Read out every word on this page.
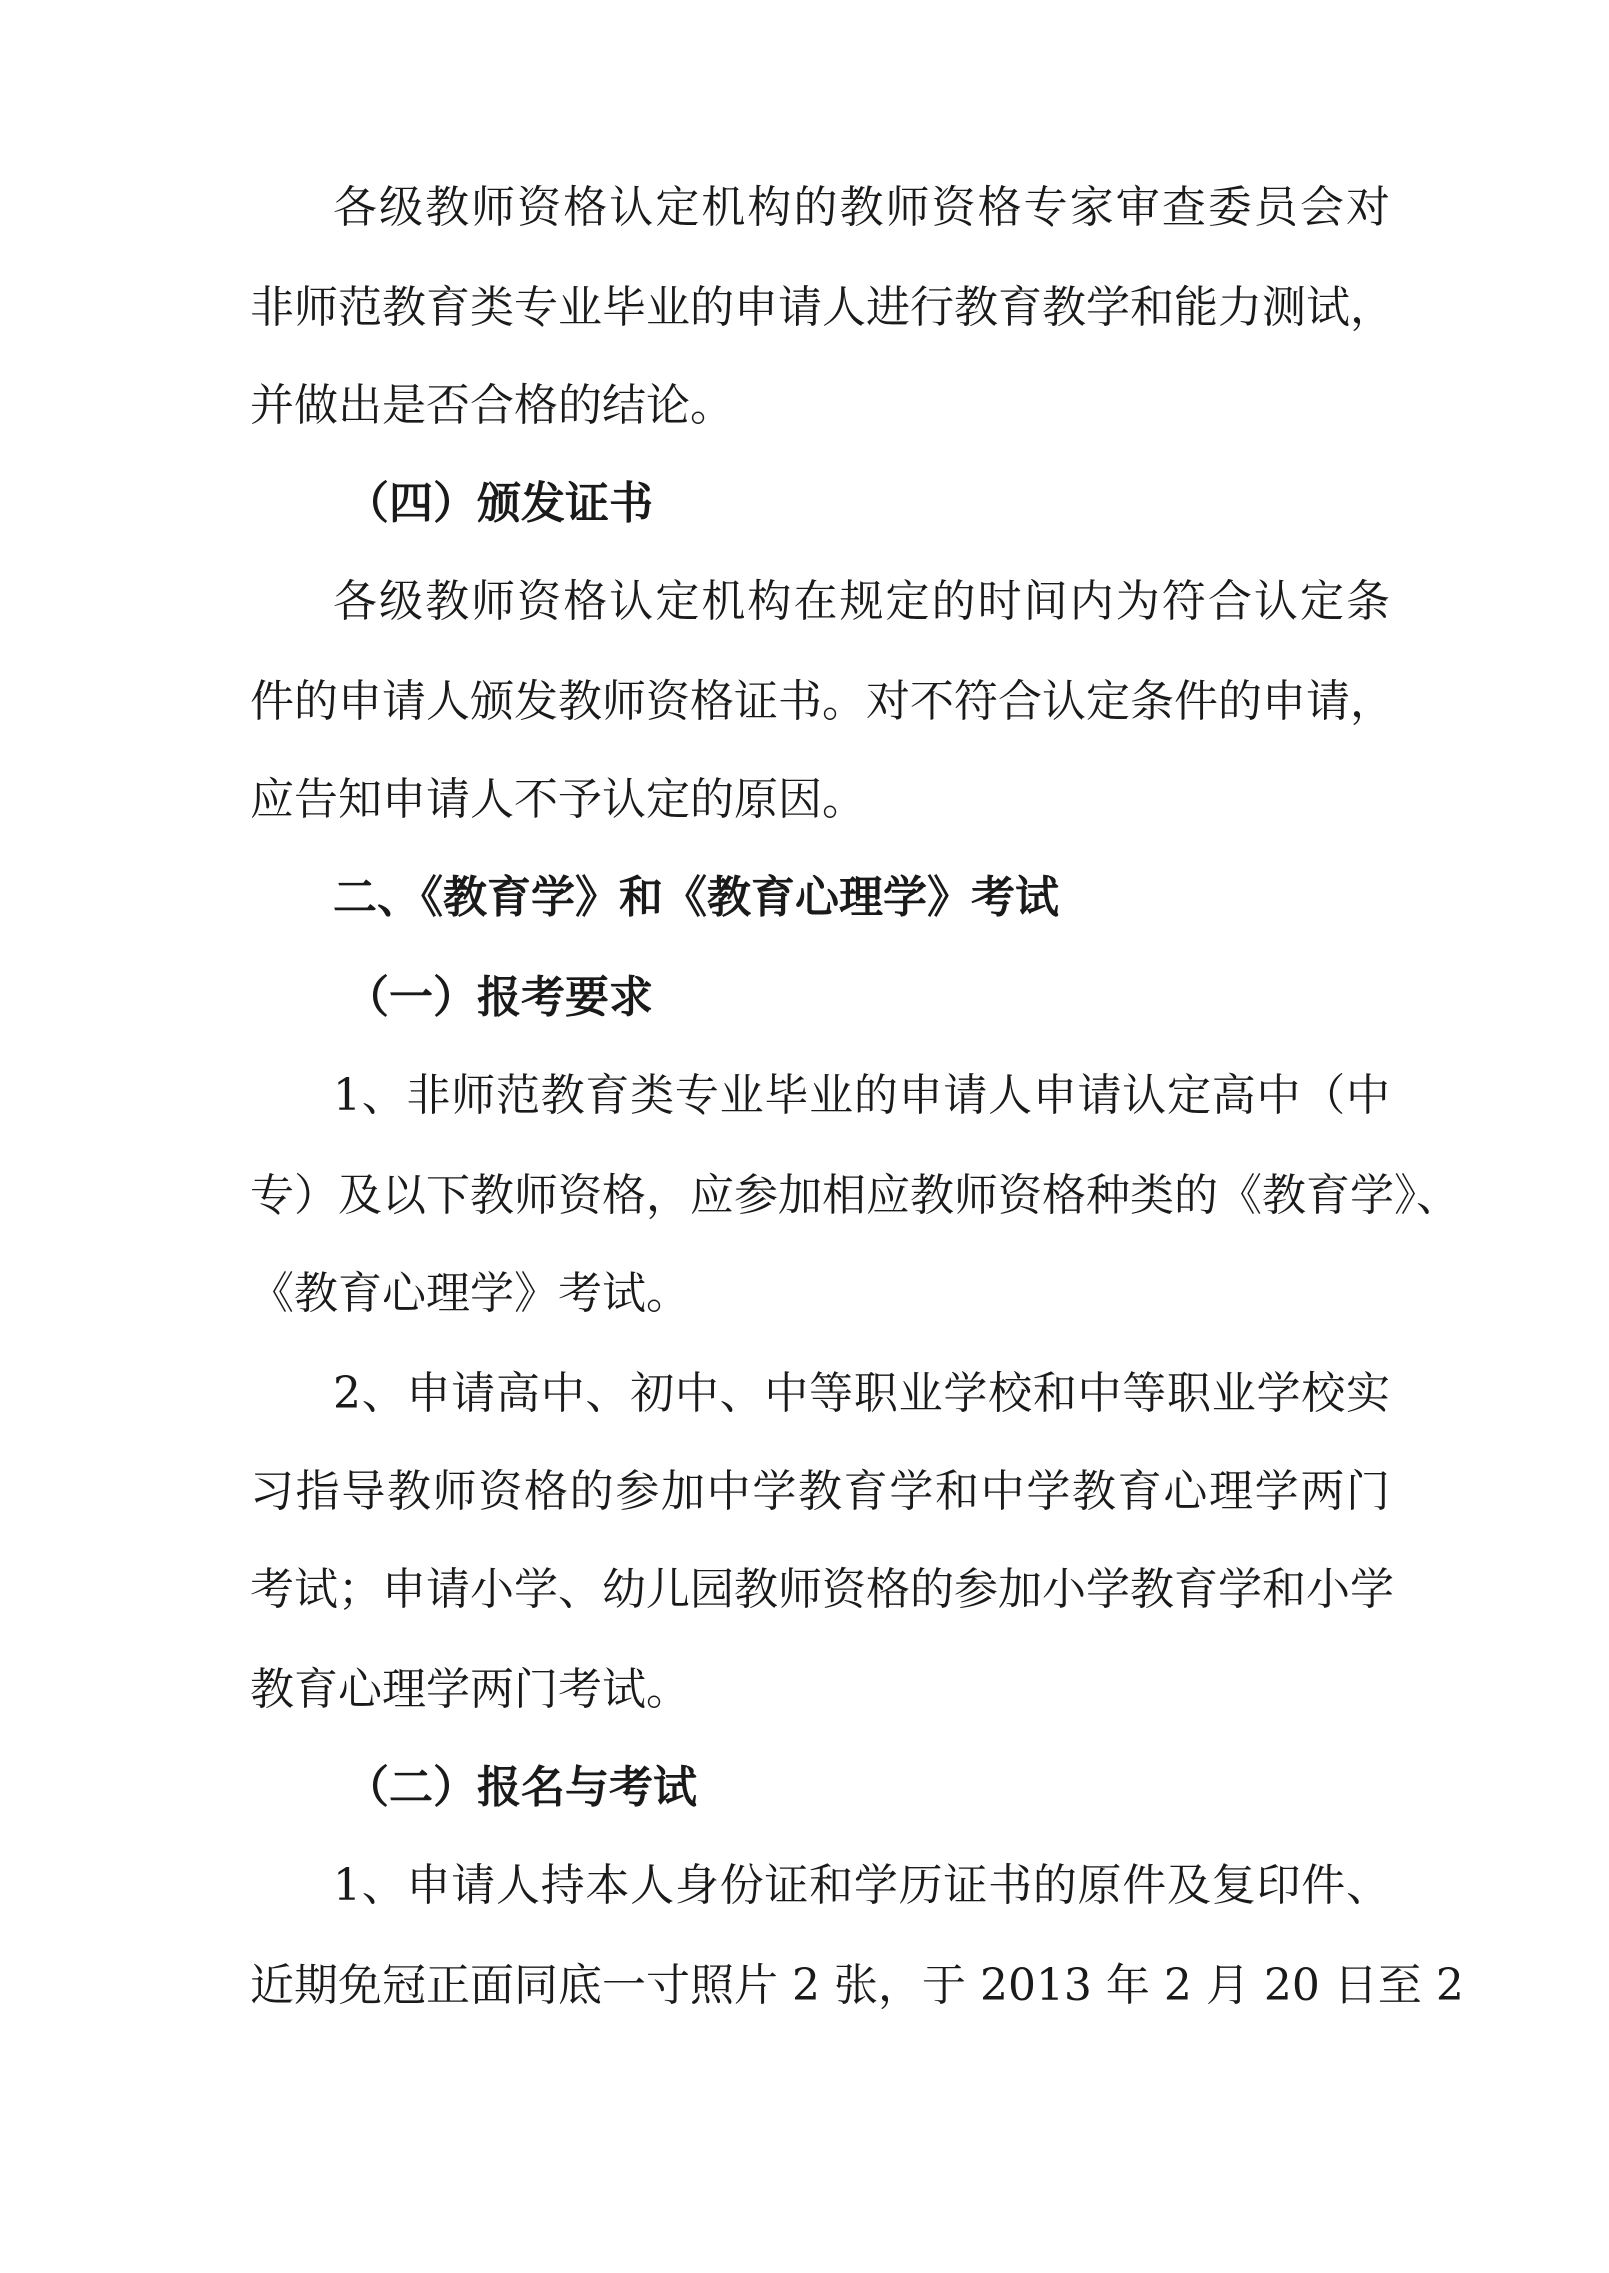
各级教师资格认定机构的教师资格专家审查委员会对
非师范教育类专业毕业的申请人进行教育教学和能力测试，
并做出是否合格的结论。
（四）颁发证书
各级教师资格认定机构在规定的时间内为符合认定条
件的申请人颁发教师资格证书。对不符合认定条件的申请，
应告知申请人不予认定的原因。
二、《教育学》和《教育心理学》考试
（一）报考要求
1、非师范教育类专业毕业的申请人申请认定高中（中
专）及以下教师资格，应参加相应教师资格种类的《教育学》、
《教育心理学》考试。
2、申请高中、初中、中等职业学校和中等职业学校实
习指导教师资格的参加中学教育学和中学教育心理学两门
考试；申请小学、幼儿园教师资格的参加小学教育学和小学
教育心理学两门考试。
（二）报名与考试
1、申请人持本人身份证和学历证书的原件及复印件、
近期免冠正面同底一寸照片 2 张，于 2013 年 2 月 20 日至 2
